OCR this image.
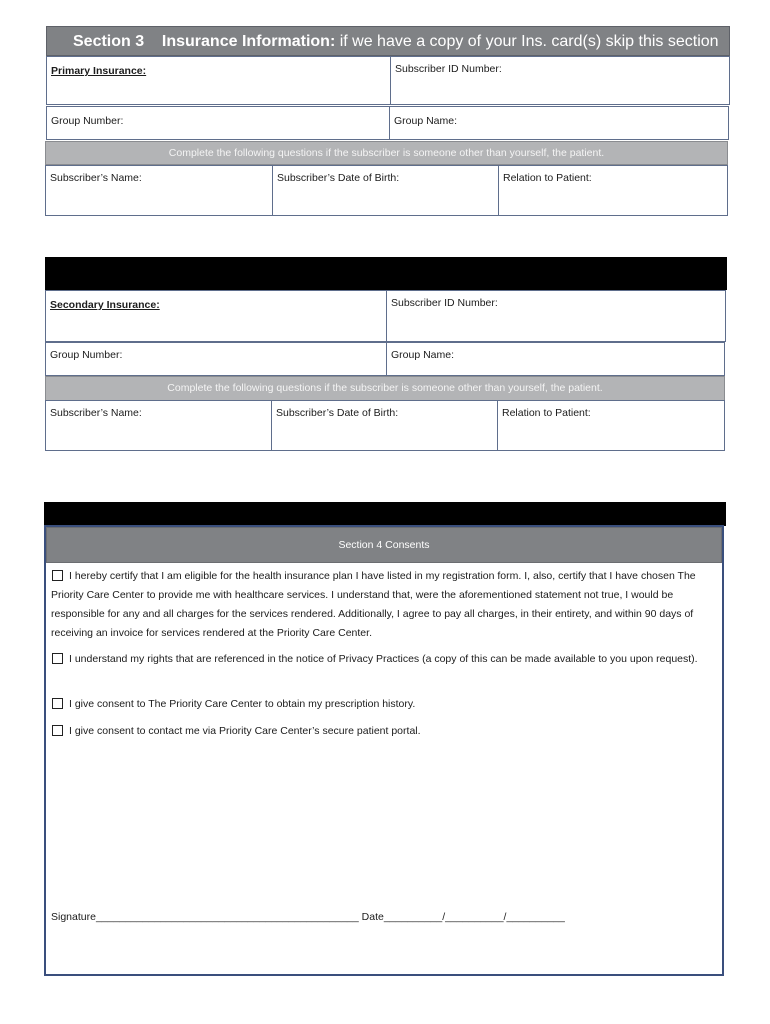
Section 3    Insurance Information: if we have a copy of your Ins. card(s) skip this section
Primary Insurance:	Subscriber ID Number:
Group Number:	Group Name:
Complete the following questions if the subscriber is someone other than yourself, the patient.
Subscriber’s Name:	Subscriber’s Date of Birth:	Relation to Patient:
Secondary Insurance:	Subscriber ID Number:
Group Number:	Group Name:
Complete the following questions if the subscriber is someone other than yourself, the patient.
Subscriber’s Name:	Subscriber’s Date of Birth:	Relation to Patient:
Section 4 Consents
I hereby certify that I am eligible for the health insurance plan I have listed in my registration form. I, also, certify that I have chosen The Priority Care Center to provide me with healthcare services. I understand that, were the aforementioned statement not true, I would be responsible for any and all charges for the services rendered. Additionally, I agree to pay all charges, in their entirety, and within 90 days of receiving an invoice for services rendered at the Priority Care Center.
I understand my rights that are referenced in the notice of Privacy Practices (a copy of this can be made available to you upon request).
I give consent to The Priority Care Center to obtain my prescription history.
I give consent to contact me via Priority Care Center’s secure patient portal.
Signature_____________________________________________ Date__________/__________/__________
